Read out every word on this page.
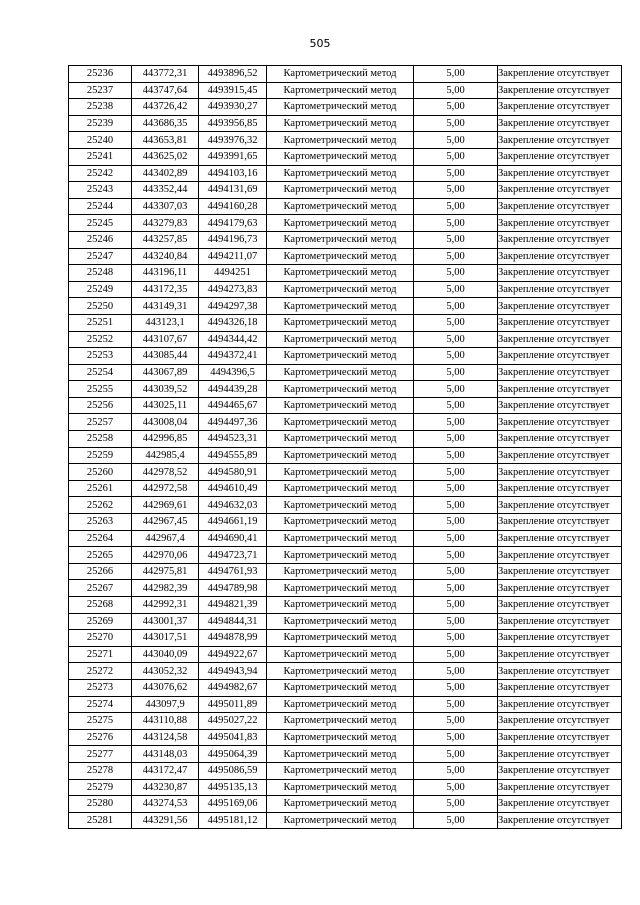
505
25236	443772,31	4493896,52	Картометрический метод	5,00	Закрепление отсутствует
25237	443747,64	4493915,45	Картометрический метод	5,00	Закрепление отсутствует
25238	443726,42	4493930,27	Картометрический метод	5,00	Закрепление отсутствует
25239	443686,35	4493956,85	Картометрический метод	5,00	Закрепление отсутствует
25240	443653,81	4493976,32	Картометрический метод	5,00	Закрепление отсутствует
25241	443625,02	4493991,65	Картометрический метод	5,00	Закрепление отсутствует
25242	443402,89	4494103,16	Картометрический метод	5,00	Закрепление отсутствует
25243	443352,44	4494131,69	Картометрический метод	5,00	Закрепление отсутствует
25244	443307,03	4494160,28	Картометрический метод	5,00	Закрепление отсутствует
25245	443279,83	4494179,63	Картометрический метод	5,00	Закрепление отсутствует
25246	443257,85	4494196,73	Картометрический метод	5,00	Закрепление отсутствует
25247	443240,84	4494211,07	Картометрический метод	5,00	Закрепление отсутствует
25248	443196,11	4494251	Картометрический метод	5,00	Закрепление отсутствует
25249	443172,35	4494273,83	Картометрический метод	5,00	Закрепление отсутствует
25250	443149,31	4494297,38	Картометрический метод	5,00	Закрепление отсутствует
25251	443123,1	4494326,18	Картометрический метод	5,00	Закрепление отсутствует
25252	443107,67	4494344,42	Картометрический метод	5,00	Закрепление отсутствует
25253	443085,44	4494372,41	Картометрический метод	5,00	Закрепление отсутствует
25254	443067,89	4494396,5	Картометрический метод	5,00	Закрепление отсутствует
25255	443039,52	4494439,28	Картометрический метод	5,00	Закрепление отсутствует
25256	443025,11	4494465,67	Картометрический метод	5,00	Закрепление отсутствует
25257	443008,04	4494497,36	Картометрический метод	5,00	Закрепление отсутствует
25258	442996,85	4494523,31	Картометрический метод	5,00	Закрепление отсутствует
25259	442985,4	4494555,89	Картометрический метод	5,00	Закрепление отсутствует
25260	442978,52	4494580,91	Картометрический метод	5,00	Закрепление отсутствует
25261	442972,58	4494610,49	Картометрический метод	5,00	Закрепление отсутствует
25262	442969,61	4494632,03	Картометрический метод	5,00	Закрепление отсутствует
25263	442967,45	4494661,19	Картометрический метод	5,00	Закрепление отсутствует
25264	442967,4	4494690,41	Картометрический метод	5,00	Закрепление отсутствует
25265	442970,06	4494723,71	Картометрический метод	5,00	Закрепление отсутствует
25266	442975,81	4494761,93	Картометрический метод	5,00	Закрепление отсутствует
25267	442982,39	4494789,98	Картометрический метод	5,00	Закрепление отсутствует
25268	442992,31	4494821,39	Картометрический метод	5,00	Закрепление отсутствует
25269	443001,37	4494844,31	Картометрический метод	5,00	Закрепление отсутствует
25270	443017,51	4494878,99	Картометрический метод	5,00	Закрепление отсутствует
25271	443040,09	4494922,67	Картометрический метод	5,00	Закрепление отсутствует
25272	443052,32	4494943,94	Картометрический метод	5,00	Закрепление отсутствует
25273	443076,62	4494982,67	Картометрический метод	5,00	Закрепление отсутствует
25274	443097,9	4495011,89	Картометрический метод	5,00	Закрепление отсутствует
25275	443110,88	4495027,22	Картометрический метод	5,00	Закрепление отсутствует
25276	443124,58	4495041,83	Картометрический метод	5,00	Закрепление отсутствует
25277	443148,03	4495064,39	Картометрический метод	5,00	Закрепление отсутствует
25278	443172,47	4495086,59	Картометрический метод	5,00	Закрепление отсутствует
25279	443230,87	4495135,13	Картометрический метод	5,00	Закрепление отсутствует
25280	443274,53	4495169,06	Картометрический метод	5,00	Закрепление отсутствует
25281	443291,56	4495181,12	Картометрический метод	5,00	Закрепление отсутствует
